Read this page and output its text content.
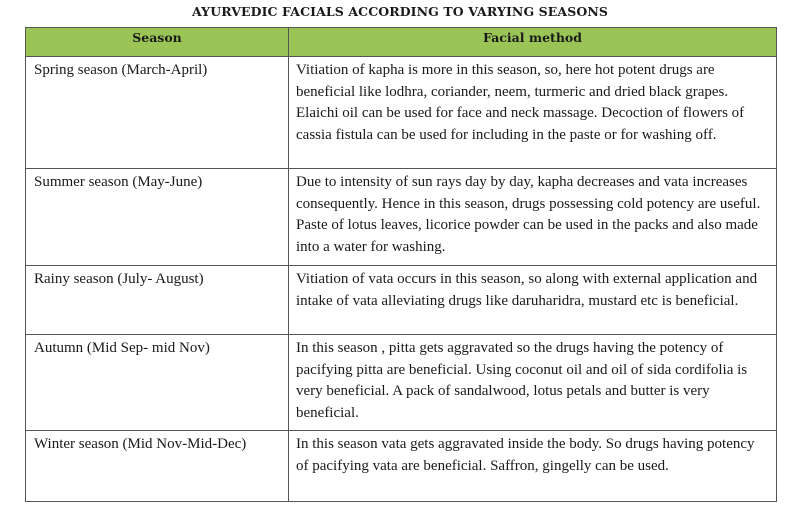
AYURVEDIC FACIALS ACCORDING TO VARYING SEASONS
Season	Facial method
Spring season (March-April)	Vitiation of kapha is more in this season, so, here hot potent drugs are beneficial like lodhra, coriander, neem, turmeric and dried black grapes. Elaichi oil can be used for face and neck massage. Decoction of flowers of cassia fistula can be used for including in the paste or for washing off.
Summer season (May-June)	Due to intensity of sun rays day by day, kapha decreases and vata increases consequently. Hence in this season, drugs possessing cold potency are useful. Paste of lotus leaves, licorice powder can be used in the packs and also made into a water for washing.
Rainy season (July- August)	Vitiation of vata occurs in this season, so along with external application and intake of vata alleviating drugs like daruharidra, mustard etc is beneficial.
Autumn (Mid Sep- mid Nov)	In this season , pitta gets aggravated so the drugs having the potency of pacifying pitta are beneficial. Using coconut oil and oil of sida cordifolia is very beneficial. A pack of sandalwood, lotus petals and butter is very beneficial.
Winter season (Mid Nov-Mid-Dec)	In this season vata gets aggravated inside the body. So drugs having potency of pacifying vata are beneficial. Saffron, gingelly can be used.
